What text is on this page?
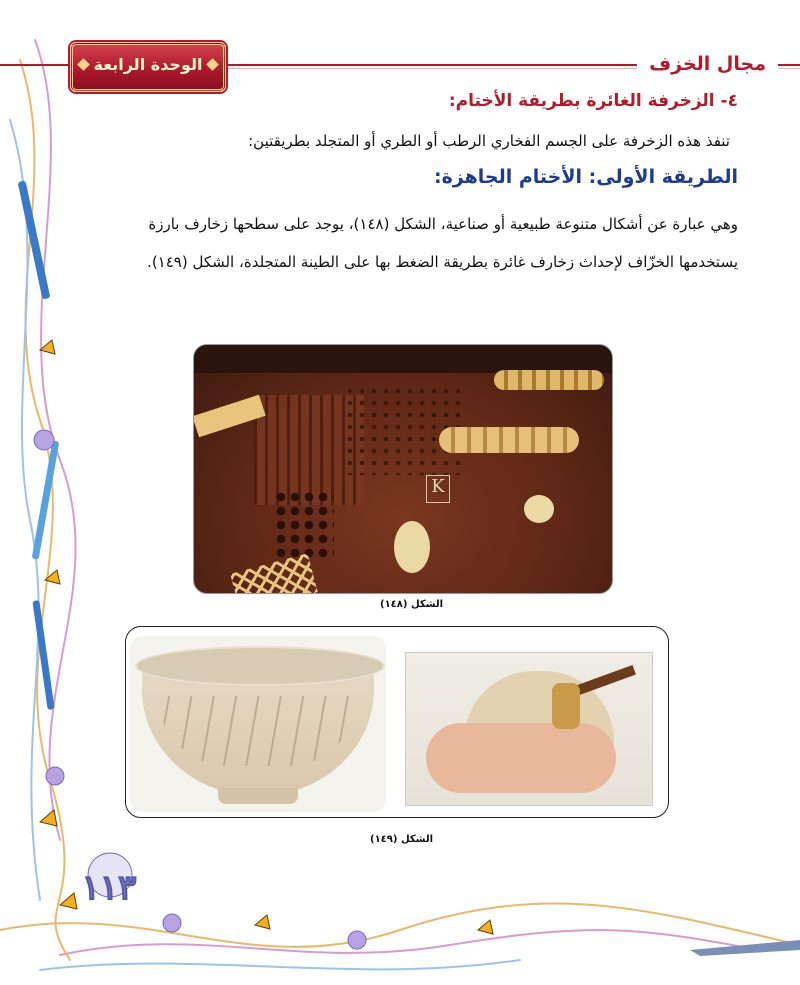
مجال الخزف
الوحدة الرابعة
٤- الزخرفة الغائرة بطريقة الأختام:
تنفذ هذه الزخرفة على الجسم الفخاري الرطب أو الطري أو المتجلد بطريقتين:
الطريقة الأولى: الأختام الجاهزة:
وهي عبارة عن أشكال متنوعة طبيعية أو صناعية، الشكل (١٤٨)، يوجد على سطحها زخارف بارزة
يستخدمها الخزّاف لإحداث زخارف غائرة بطريقة الضغط بها على الطينة المتجلدة، الشكل (١٤٩).
K
الشكل (١٤٨)
الشكل (١٤٩)
١١٣
